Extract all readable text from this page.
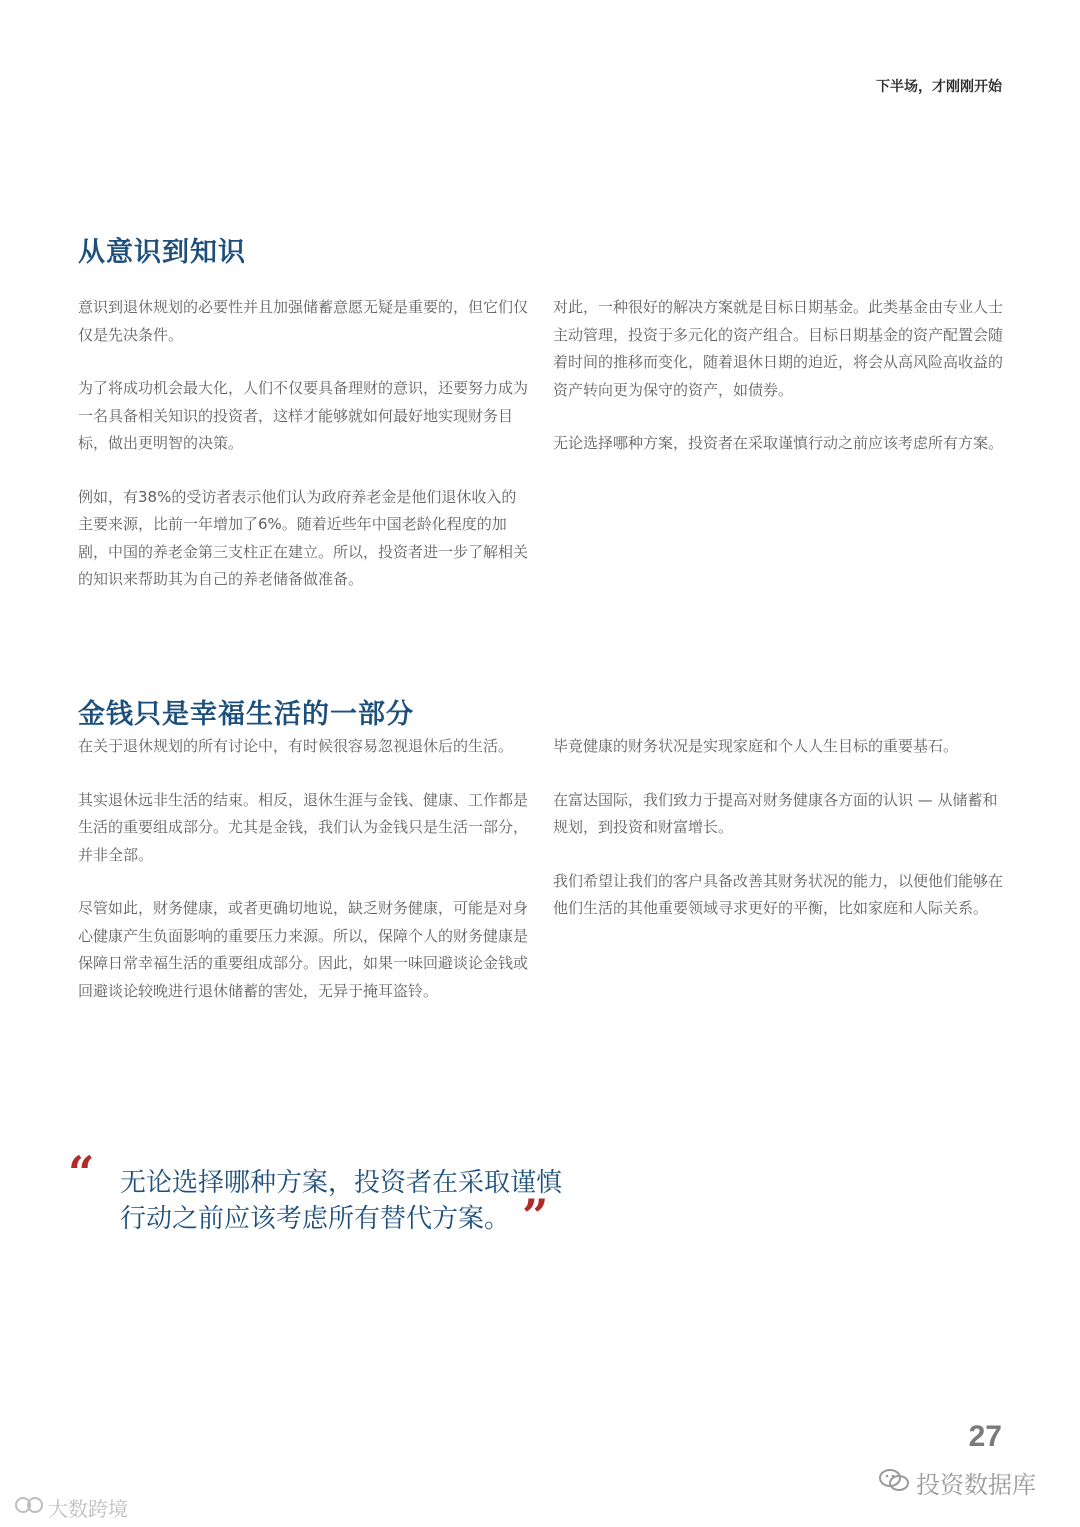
下半场，才刚刚开始
从意识到知识

意识到退休规划的必要性并且加强储蓄意愿无疑是重要的，但它们仅仅是先决条件。

为了将成功机会最大化，人们不仅要具备理财的意识，还要努力成为一名具备相关知识的投资者，这样才能够就如何最好地实现财务目标，做出更明智的决策。

例如，有38%的受访者表示他们认为政府养老金是他们退休收入的主要来源，比前一年增加了6%。随着近些年中国老龄化程度的加剧，中国的养老金第三支柱正在建立。所以，投资者进一步了解相关的知识来帮助其为自己的养老储备做准备。

对此，一种很好的解决方案就是目标日期基金。此类基金由专业人士主动管理，投资于多元化的资产组合。目标日期基金的资产配置会随着时间的推移而变化，随着退休日期的迫近，将会从高风险高收益的资产转向更为保守的资产，如债券。

无论选择哪种方案，投资者在采取谨慎行动之前应该考虑所有方案。

金钱只是幸福生活的一部分

在关于退休规划的所有讨论中，有时候很容易忽视退休后的生活。

其实退休远非生活的结束。相反，退休生涯与金钱、健康、工作都是生活的重要组成部分。尤其是金钱，我们认为金钱只是生活一部分，并非全部。

尽管如此，财务健康，或者更确切地说，缺乏财务健康，可能是对身心健康产生负面影响的重要压力来源。所以，保障个人的财务健康是保障日常幸福生活的重要组成部分。因此，如果一味回避谈论金钱或回避谈论较晚进行退休储蓄的害处，无异于掩耳盗铃。

毕竟健康的财务状况是实现家庭和个人人生目标的重要基石。

在富达国际，我们致力于提高对财务健康各方面的认识 — 从储蓄和规划，到投资和财富增长。

我们希望让我们的客户具备改善其财务状况的能力，以便他们能够在他们生活的其他重要领域寻求更好的平衡，比如家庭和人际关系。

“ 无论选择哪种方案，投资者在采取谨慎
行动之前应该考虑所有替代方案。 ”
27
投资数据库
大数跨境
